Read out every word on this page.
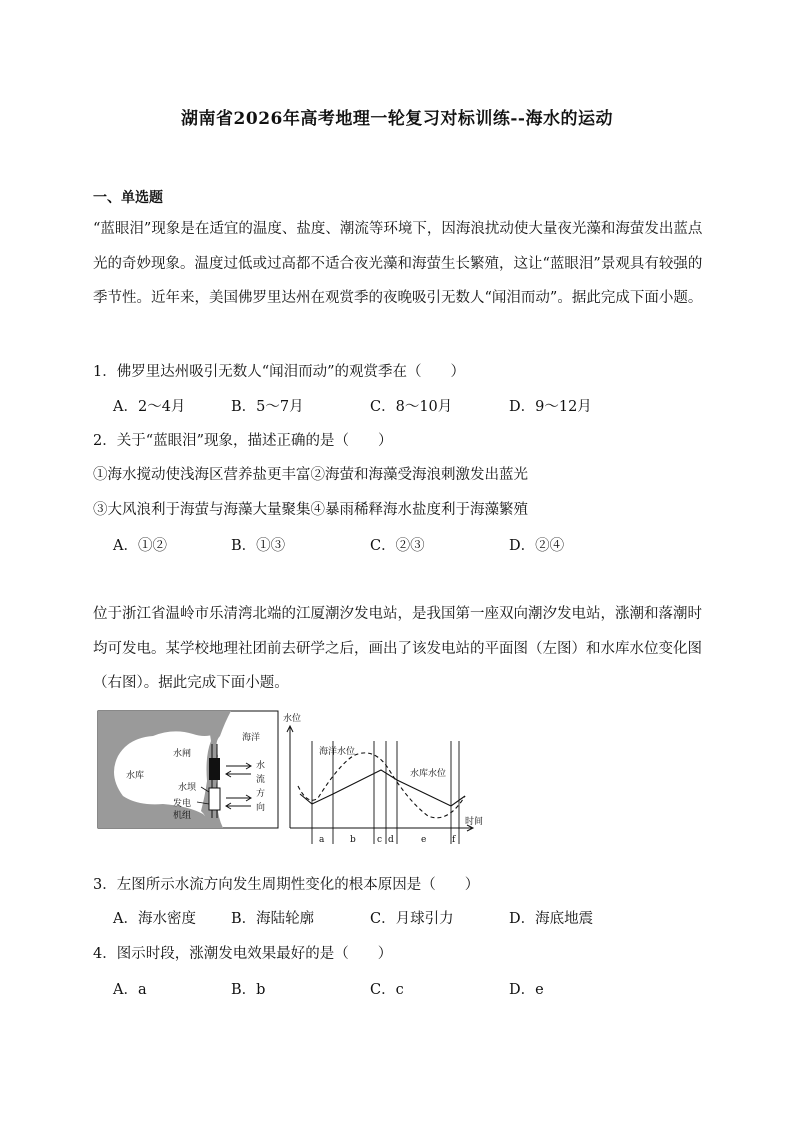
湖南省2026年高考地理一轮复习对标训练--海水的运动
一、单选题
“蓝眼泪”现象是在适宜的温度、盐度、潮流等环境下，因海浪扰动使大量夜光藻和海萤发出蓝点光的奇妙现象。温度过低或过高都不适合夜光藻和海萤生长繁殖，这让“蓝眼泪”景观具有较强的季节性。近年来，美国佛罗里达州在观赏季的夜晚吸引无数人“闻泪而动”。据此完成下面小题。
1．佛罗里达州吸引无数人“闻泪而动”的观赏季在（　　）
A．2～4月	B．5～7月	C．8～10月	D．9～12月
2．关于“蓝眼泪”现象，描述正确的是（　　）
①海水搅动使浅海区营养盐更丰富②海萤和海藻受海浪刺激发出蓝光
③大风浪利于海萤与海藻大量聚集④暴雨稀释海水盐度利于海藻繁殖
A．①②	B．①③	C．②③	D．②④
位于浙江省温岭市乐清湾北端的江厦潮汐发电站，是我国第一座双向潮汐发电站，涨潮和落潮时均可发电。某学校地理社团前去研学之后，画出了该发电站的平面图（左图）和水库水位变化图（右图）。据此完成下面小题。
海洋
水库
水闸
水坝
发电
机组
水
流
方
向
水位
时间
海洋水位
水库水位
a	b c d	e	f
3．左图所示水流方向发生周期性变化的根本原因是（　　）
A．海水密度 B．海陆轮廓	C．月球引力	D．海底地震
4．图示时段，涨潮发电效果最好的是（　　）
A．a	B．b	C．c	D．e
